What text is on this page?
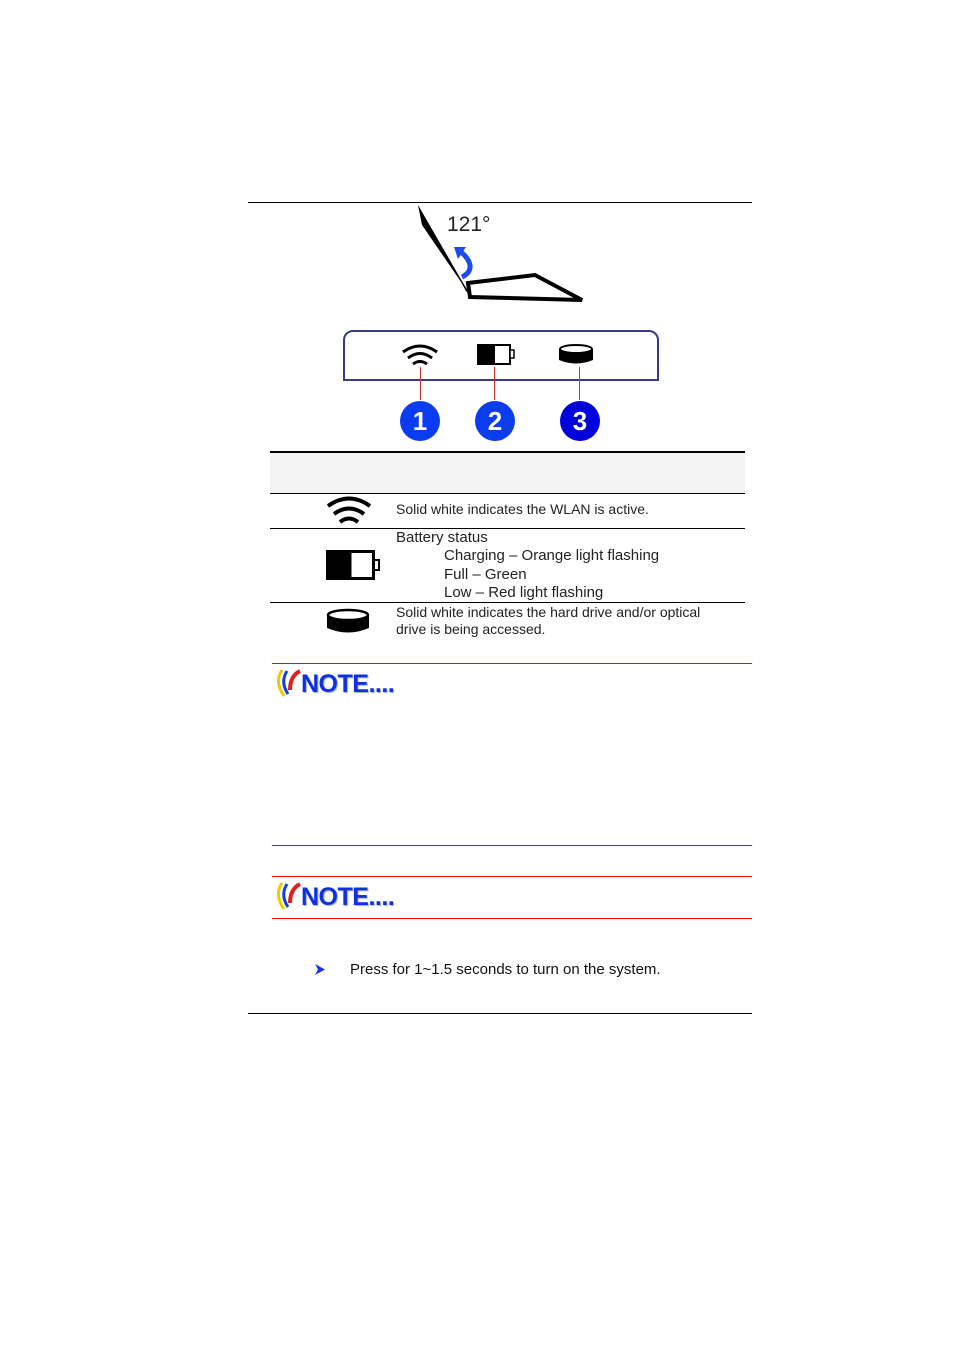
121°
1	2	3
Solid white indicates the WLAN is active.
Battery status
Charging – Orange light flashing
Full – Green
Low – Red light flashing
Solid white indicates the hard drive and/or optical
drive is being accessed.
NOTE....
NOTE....
Press for 1~1.5 seconds to turn on the system.
